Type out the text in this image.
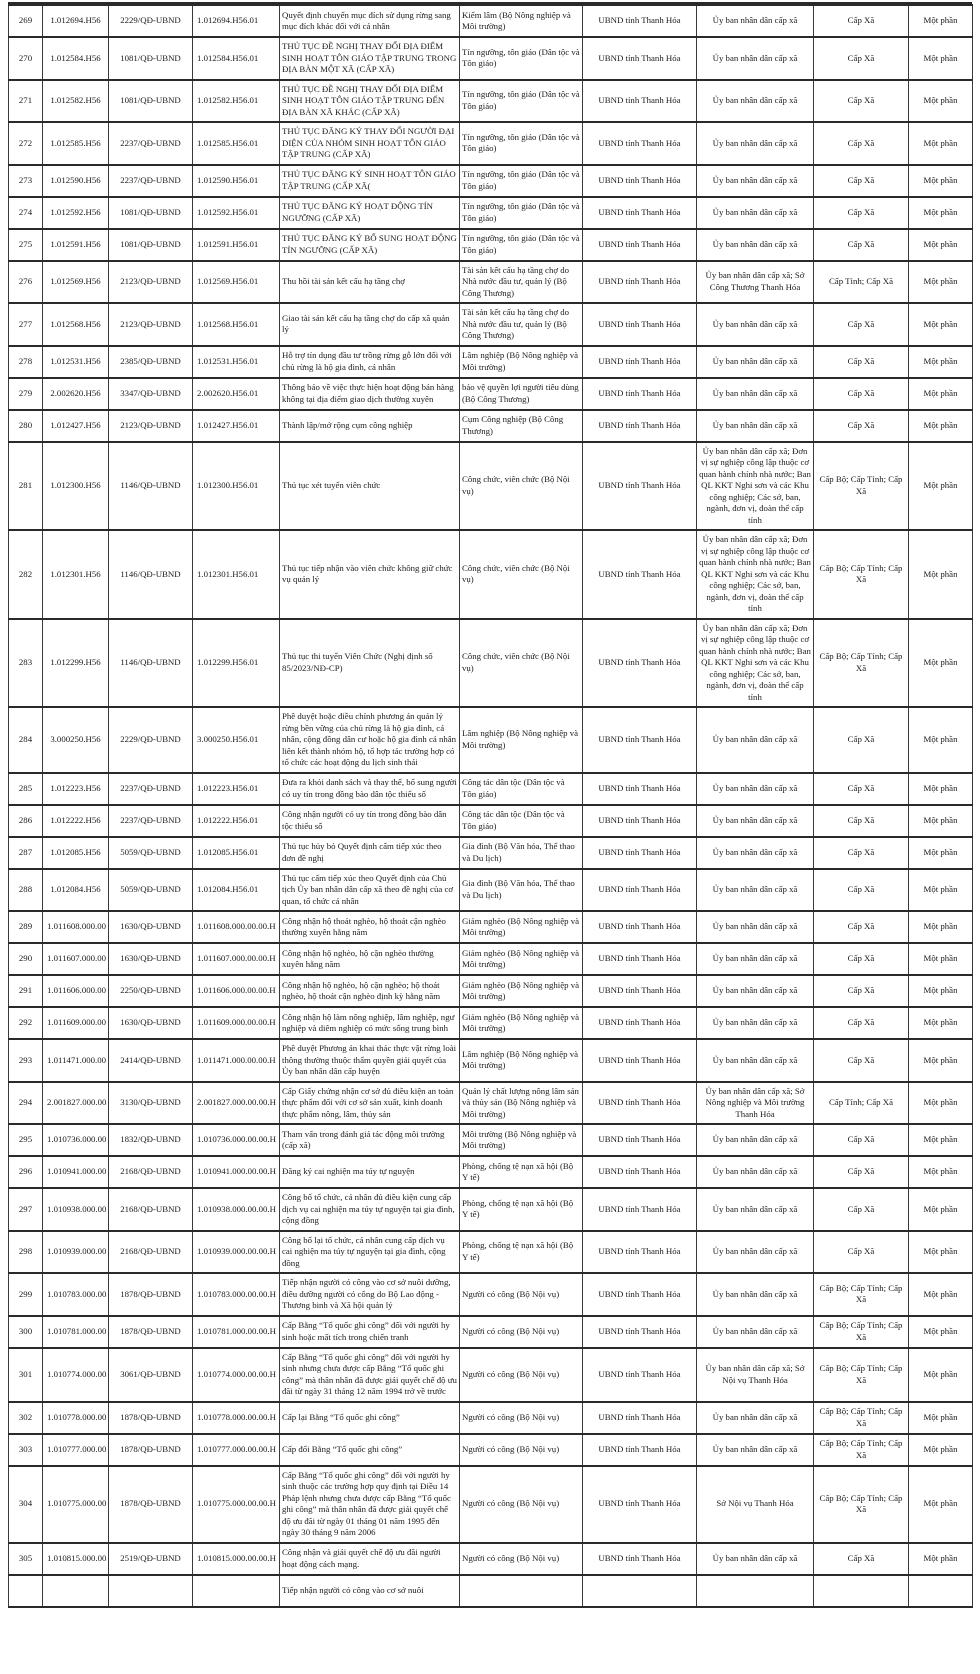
269	1.012694.H56	2229/QĐ-UBND	1.012694.H56.01	Quyết định chuyển mục đích sử dụng rừng sang mục đích khác đối với cá nhân	Kiểm lâm (Bộ Nông nghiệp và Môi trường)	UBND tỉnh Thanh Hóa	Ủy ban nhân dân cấp xã	Cấp Xã	Một phần
270	1.012584.H56	1081/QĐ-UBND	1.012584.H56.01	THỦ TỤC ĐỀ NGHỊ THAY ĐỔI ĐỊA ĐIỂM SINH HOẠT TÔN GIÁO TẬP TRUNG TRONG ĐỊA BÀN MỘT XÃ (CẤP XÃ)	Tín ngưỡng, tôn giáo (Dân tộc và Tôn giáo)	UBND tỉnh Thanh Hóa	Ủy ban nhân dân cấp xã	Cấp Xã	Một phần
271	1.012582.H56	1081/QĐ-UBND	1.012582.H56.01	THỦ TỤC ĐỀ NGHỊ THAY ĐỔI ĐỊA ĐIỂM SINH HOẠT TÔN GIÁO TẬP TRUNG ĐẾN ĐỊA BÀN XÃ KHÁC (CẤP XÃ)	Tín ngưỡng, tôn giáo (Dân tộc và Tôn giáo)	UBND tỉnh Thanh Hóa	Ủy ban nhân dân cấp xã	Cấp Xã	Một phần
272	1.012585.H56	2237/QĐ-UBND	1.012585.H56.01	THỦ TỤC ĐĂNG KÝ THAY ĐỔI NGƯỜI ĐẠI DIỆN CỦA NHÓM SINH HOẠT TÔN GIÁO TẬP TRUNG (CẤP XÃ)	Tín ngưỡng, tôn giáo (Dân tộc và Tôn giáo)	UBND tỉnh Thanh Hóa	Ủy ban nhân dân cấp xã	Cấp Xã	Một phần
273	1.012590.H56	2237/QĐ-UBND	1.012590.H56.01	THỦ TỤC ĐĂNG KÝ SINH HOẠT TÔN GIÁO TẬP TRUNG (CẤP XÃ(	Tín ngưỡng, tôn giáo (Dân tộc và Tôn giáo)	UBND tỉnh Thanh Hóa	Ủy ban nhân dân cấp xã	Cấp Xã	Một phần
274	1.012592.H56	1081/QĐ-UBND	1.012592.H56.01	THỦ TỤC ĐĂNG KÝ HOẠT ĐỘNG TÍN NGƯỠNG (CẤP XÃ)	Tín ngưỡng, tôn giáo (Dân tộc và Tôn giáo)	UBND tỉnh Thanh Hóa	Ủy ban nhân dân cấp xã	Cấp Xã	Một phần
275	1.012591.H56	1081/QĐ-UBND	1.012591.H56.01	THỦ TỤC ĐĂNG KÝ BỔ SUNG HOẠT ĐỘNG TÍN NGƯỠNG (CẤP XÃ)	Tín ngưỡng, tôn giáo (Dân tộc và Tôn giáo)	UBND tỉnh Thanh Hóa	Ủy ban nhân dân cấp xã	Cấp Xã	Một phần
276	1.012569.H56	2123/QĐ-UBND	1.012569.H56.01	Thu hồi tài sản kết cấu hạ tầng chợ	Tài sản kết cấu hạ tầng chợ do Nhà nước đầu tư, quản lý (Bộ Công Thương)	UBND tỉnh Thanh Hóa	Ủy ban nhân dân cấp xã; Sở Công Thương Thanh Hóa	Cấp Tỉnh; Cấp Xã	Một phần
277	1.012568.H56	2123/QĐ-UBND	1.012568.H56.01	Giao tài sản kết cấu hạ tầng chợ do cấp xã quản lý	Tài sản kết cấu hạ tầng chợ do Nhà nước đầu tư, quản lý (Bộ Công Thương)	UBND tỉnh Thanh Hóa	Ủy ban nhân dân cấp xã	Cấp Xã	Một phần
278	1.012531.H56	2385/QĐ-UBND	1.012531.H56.01	Hỗ trợ tín dụng đầu tư trồng rừng gỗ lớn đối với chủ rừng là hộ gia đình, cá nhân	Lâm nghiệp (Bộ Nông nghiệp và Môi trường)	UBND tỉnh Thanh Hóa	Ủy ban nhân dân cấp xã	Cấp Xã	Một phần
279	2.002620.H56	3347/QĐ-UBND	2.002620.H56.01	Thông báo về việc thực hiện hoạt động bán hàng không tại địa điểm giao dịch thường xuyên	bảo vệ quyền lợi người tiêu dùng (Bộ Công Thương)	UBND tỉnh Thanh Hóa	Ủy ban nhân dân cấp xã	Cấp Xã	Một phần
280	1.012427.H56	2123/QĐ-UBND	1.012427.H56.01	Thành lập/mở rộng cụm công nghiệp	Cụm Công nghiệp (Bộ Công Thương)	UBND tỉnh Thanh Hóa	Ủy ban nhân dân cấp xã	Cấp Xã	Một phần
281	1.012300.H56	1146/QĐ-UBND	1.012300.H56.01	Thủ tục xét tuyển viên chức	Công chức, viên chức (Bộ Nội vụ)	UBND tỉnh Thanh Hóa	Ủy ban nhân dân cấp xã; Đơn vị sự nghiệp công lập thuộc cơ quan hành chính nhà nước; Ban QL KKT Nghi sơn và các Khu công nghiệp; Các sở, ban, ngành, đơn vị, đoàn thể cấp tỉnh	Cấp Bộ; Cấp Tỉnh; Cấp Xã	Một phần
282	1.012301.H56	1146/QĐ-UBND	1.012301.H56.01	Thủ tục tiếp nhận vào viên chức không giữ chức vụ quản lý	Công chức, viên chức (Bộ Nội vụ)	UBND tỉnh Thanh Hóa	Ủy ban nhân dân cấp xã; Đơn vị sự nghiệp công lập thuộc cơ quan hành chính nhà nước; Ban QL KKT Nghi sơn và các Khu công nghiệp; Các sở, ban, ngành, đơn vị, đoàn thể cấp tỉnh	Cấp Bộ; Cấp Tỉnh; Cấp Xã	Một phần
283	1.012299.H56	1146/QĐ-UBND	1.012299.H56.01	Thủ tục thi tuyển Viên Chức (Nghị định số 85/2023/NĐ-CP)	Công chức, viên chức (Bộ Nội vụ)	UBND tỉnh Thanh Hóa	Ủy ban nhân dân cấp xã; Đơn vị sự nghiệp công lập thuộc cơ quan hành chính nhà nước; Ban QL KKT Nghi sơn và các Khu công nghiệp; Các sở, ban, ngành, đơn vị, đoàn thể cấp tỉnh	Cấp Bộ; Cấp Tỉnh; Cấp Xã	Một phần
284	3.000250.H56	2229/QĐ-UBND	3.000250.H56.01	Phê duyệt hoặc điều chỉnh phương án quản lý rừng bền vững của chủ rừng là hộ gia đình, cá nhân, cộng đồng dân cư hoặc hộ gia đình cá nhân liên kết thành nhóm hộ, tổ hợp tác trường hợp có tổ chức các hoạt động du lịch sinh thái	Lâm nghiệp (Bộ Nông nghiệp và Môi trường)	UBND tỉnh Thanh Hóa	Ủy ban nhân dân cấp xã	Cấp Xã	Một phần
285	1.012223.H56	2237/QĐ-UBND	1.012223.H56.01	Đưa ra khỏi danh sách và thay thế, bổ sung người có uy tín trong đồng bào dân tộc thiểu số	Công tác dân tộc (Dân tộc và Tôn giáo)	UBND tỉnh Thanh Hóa	Ủy ban nhân dân cấp xã	Cấp Xã	Một phần
286	1.012222.H56	2237/QĐ-UBND	1.012222.H56.01	Công nhận người có uy tín trong đồng bào dân tộc thiểu số	Công tác dân tộc (Dân tộc và Tôn giáo)	UBND tỉnh Thanh Hóa	Ủy ban nhân dân cấp xã	Cấp Xã	Một phần
287	1.012085.H56	5059/QĐ-UBND	1.012085.H56.01	Thủ tục hủy bỏ Quyết định cấm tiếp xúc theo đơn đề nghị	Gia đình (Bộ Văn hóa, Thể thao và Du lịch)	UBND tỉnh Thanh Hóa	Ủy ban nhân dân cấp xã	Cấp Xã	Một phần
288	1.012084.H56	5059/QĐ-UBND	1.012084.H56.01	Thủ tục cấm tiếp xúc theo Quyết định của Chủ tịch Ủy ban nhân dân cấp xã theo đề nghị của cơ quan, tổ chức cá nhân	Gia đình (Bộ Văn hóa, Thể thao và Du lịch)	UBND tỉnh Thanh Hóa	Ủy ban nhân dân cấp xã	Cấp Xã	Một phần
289	1.011608.000.00	1630/QĐ-UBND	1.011608.000.00.00.H	Công nhận hộ thoát nghèo, hộ thoát cận nghèo thường xuyên hằng năm	Giảm nghèo (Bộ Nông nghiệp và Môi trường)	UBND tỉnh Thanh Hóa	Ủy ban nhân dân cấp xã	Cấp Xã	Một phần
290	1.011607.000.00	1630/QĐ-UBND	1.011607.000.00.00.H	Công nhận hộ nghèo, hộ cận nghèo thường xuyên hằng năm	Giảm nghèo (Bộ Nông nghiệp và Môi trường)	UBND tỉnh Thanh Hóa	Ủy ban nhân dân cấp xã	Cấp Xã	Một phần
291	1.011606.000.00	2250/QĐ-UBND	1.011606.000.00.00.H	Công nhận hộ nghèo, hộ cận nghèo; hộ thoát nghèo, hộ thoát cận nghèo định kỳ hằng năm	Giảm nghèo (Bộ Nông nghiệp và Môi trường)	UBND tỉnh Thanh Hóa	Ủy ban nhân dân cấp xã	Cấp Xã	Một phần
292	1.011609.000.00	1630/QĐ-UBND	1.011609.000.00.00.H	Công nhận hộ làm nông nghiệp, lâm nghiệp, ngư nghiệp và diêm nghiệp có mức sống trung bình	Giảm nghèo (Bộ Nông nghiệp và Môi trường)	UBND tỉnh Thanh Hóa	Ủy ban nhân dân cấp xã	Cấp Xã	Một phần
293	1.011471.000.00	2414/QĐ-UBND	1.011471.000.00.00.H	Phê duyệt Phương án khai thác thực vật rừng loài thông thường thuộc thẩm quyền giải quyết của Ủy ban nhân dân cấp huyện	Lâm nghiệp (Bộ Nông nghiệp và Môi trường)	UBND tỉnh Thanh Hóa	Ủy ban nhân dân cấp xã	Cấp Xã	Một phần
294	2.001827.000.00	3130/QĐ-UBND	2.001827.000.00.00.H	Cấp Giấy chứng nhận cơ sở đủ điều kiện an toàn thực phẩm đối với cơ sở sản xuất, kinh doanh thực phẩm nông, lâm, thủy sản	Quản lý chất lượng nông lâm sản và thủy sản (Bộ Nông nghiệp và Môi trường)	UBND tỉnh Thanh Hóa	Ủy ban nhân dân cấp xã; Sở Nông nghiệp và Môi trường Thanh Hóa	Cấp Tỉnh; Cấp Xã	Một phần
295	1.010736.000.00	1832/QĐ-UBND	1.010736.000.00.00.H	Tham vấn trong đánh giá tác động môi trường (cấp xã)	Môi trường (Bộ Nông nghiệp và Môi trường)	UBND tỉnh Thanh Hóa	Ủy ban nhân dân cấp xã	Cấp Xã	Một phần
296	1.010941.000.00	2168/QĐ-UBND	1.010941.000.00.00.H	Đăng ký cai nghiện ma túy tự nguyện	Phòng, chống tệ nạn xã hội (Bộ Y tế)	UBND tỉnh Thanh Hóa	Ủy ban nhân dân cấp xã	Cấp Xã	Một phần
297	1.010938.000.00	2168/QĐ-UBND	1.010938.000.00.00.H	Công bố tổ chức, cá nhân đủ điều kiện cung cấp dịch vụ cai nghiện ma túy tự nguyện tại gia đình, cộng đồng	Phòng, chống tệ nạn xã hội (Bộ Y tế)	UBND tỉnh Thanh Hóa	Ủy ban nhân dân cấp xã	Cấp Xã	Một phần
298	1.010939.000.00	2168/QĐ-UBND	1.010939.000.00.00.H	Công bố lại tổ chức, cá nhân cung cấp dịch vụ cai nghiện ma túy tự nguyện tại gia đình, cộng đồng	Phòng, chống tệ nạn xã hội (Bộ Y tế)	UBND tỉnh Thanh Hóa	Ủy ban nhân dân cấp xã	Cấp Xã	Một phần
299	1.010783.000.00	1878/QĐ-UBND	1.010783.000.00.00.H	Tiếp nhận người có công vào cơ sở nuôi dưỡng, điều dưỡng người có công do Bộ Lao động - Thương binh và Xã hội quản lý	Người có công (Bộ Nội vụ)	UBND tỉnh Thanh Hóa	Ủy ban nhân dân cấp xã	Cấp Bộ; Cấp Tỉnh; Cấp Xã	Một phần
300	1.010781.000.00	1878/QĐ-UBND	1.010781.000.00.00.H	Cấp Bằng “Tổ quốc ghi công” đối với người hy sinh hoặc mất tích trong chiến tranh	Người có công (Bộ Nội vụ)	UBND tỉnh Thanh Hóa	Ủy ban nhân dân cấp xã	Cấp Bộ; Cấp Tỉnh; Cấp Xã	Một phần
301	1.010774.000.00	3061/QĐ-UBND	1.010774.000.00.00.H	Cấp Bằng “Tổ quốc ghi công” đối với người hy sinh nhưng chưa được cấp Bằng “Tổ quốc ghi công” mà thân nhân đã được giải quyết chế độ ưu đãi từ ngày 31 tháng 12 năm 1994 trở về trước	Người có công (Bộ Nội vụ)	UBND tỉnh Thanh Hóa	Ủy ban nhân dân cấp xã; Sở Nội vụ Thanh Hóa	Cấp Bộ; Cấp Tỉnh; Cấp Xã	Một phần
302	1.010778.000.00	1878/QĐ-UBND	1.010778.000.00.00.H	Cấp lại Bằng “Tổ quốc ghi công”	Người có công (Bộ Nội vụ)	UBND tỉnh Thanh Hóa	Ủy ban nhân dân cấp xã	Cấp Bộ; Cấp Tỉnh; Cấp Xã	Một phần
303	1.010777.000.00	1878/QĐ-UBND	1.010777.000.00.00.H	Cấp đổi Bằng “Tổ quốc ghi công”	Người có công (Bộ Nội vụ)	UBND tỉnh Thanh Hóa	Ủy ban nhân dân cấp xã	Cấp Bộ; Cấp Tỉnh; Cấp Xã	Một phần
304	1.010775.000.00	1878/QĐ-UBND	1.010775.000.00.00.H	Cấp Bằng “Tổ quốc ghi công” đối với người hy sinh thuộc các trường hợp quy định tại Điều 14 Pháp lệnh nhưng chưa được cấp Bằng “Tổ quốc ghi công” mà thân nhân đã được giải quyết chế độ ưu đãi từ ngày 01 tháng 01 năm 1995 đến ngày 30 tháng 9 năm 2006	Người có công (Bộ Nội vụ)	UBND tỉnh Thanh Hóa	Sở Nội vụ Thanh Hóa	Cấp Bộ; Cấp Tỉnh; Cấp Xã	Một phần
305	1.010815.000.00	2519/QĐ-UBND	1.010815.000.00.00.H	Công nhận và giải quyết chế độ ưu đãi người hoạt động cách mạng.	Người có công (Bộ Nội vụ)	UBND tỉnh Thanh Hóa	Ủy ban nhân dân cấp xã	Cấp Xã	Một phần
				Tiếp nhận người có công vào cơ sở nuôi					
